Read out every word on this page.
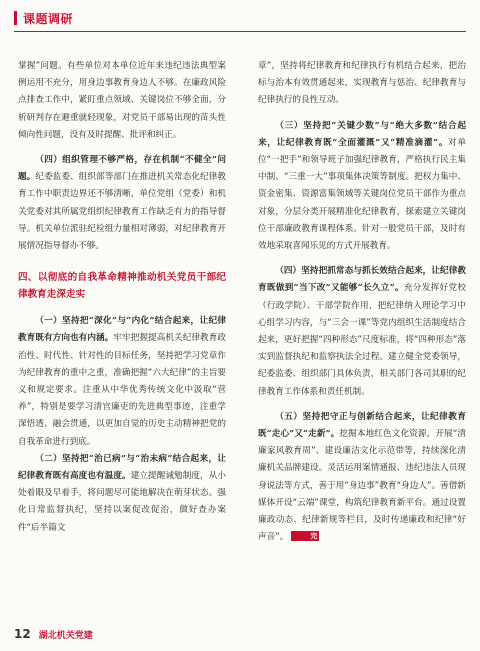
课题调研

掌握”问题。有些单位对本单位近年来违纪违法典型案例运用不充分，用身边事教育身边人不够。在廉政风险点排查工作中，紧盯重点领域、关键岗位不够全面，分析研判存在避重就轻现象，对党员干部易出现的苗头性倾向性问题，没有及时提醒、批评和纠正。

（四）组织管理不够严格，存在机制“不健全”问题。纪委监委、组织部等部门在推进机关常态化纪律教育工作中职责边界还不够清晰，单位党组（党委）和机关党委对其所属党组织纪律教育工作缺乏有力的指导督导。机关单位派驻纪检组力量相对薄弱，对纪律教育开展情况指导督办不够。

四、以彻底的自我革命精神推动机关党员干部纪律教育走深走实

（一）坚持把“深化”与“内化”结合起来，让纪律教育既有方向也有内涵。牢牢把握提高机关纪律教育政治性、时代性、针对性的目标任务，坚持把学习党章作为纪律教育的重中之重，准确把握“六大纪律”的主旨要义和规定要求。注重从中华优秀传统文化中汲取“营养”，特别是要学习清官廉吏的先进典型事迹，注重学深悟透、融会贯通，以更加自觉的历史主动精神把党的自我革命进行到底。

（二）坚持把“治已病”与“治未病”结合起来，让纪律教育既有高度也有温度。建立提醒诫勉制度，从小处着眼及早着手，将问题尽可能地解决在萌芽状态。强化日常监督执纪，坚持以案促改促治，做好查办案件“后半篇文

章”，坚持将纪律教育和纪律执行有机结合起来，把治标与治本有效贯通起来，实现教育与惩治、纪律教育与纪律执行的良性互动。

（三）坚持把“关键少数”与“绝大多数”结合起来，让纪律教育既“全面灌溉”又“精准滴灌”。对单位“一把手”和领导班子加强纪律教育，严格执行民主集中制、“三重一大”事项集体决策等制度。把权力集中、资金密集、资源富集领域等关键岗位党员干部作为重点对象，分层分类开展精准化纪律教育，探索建立关键岗位干部廉政教育课程体系。针对一般党员干部，及时有效地采取喜闻乐见的方式开展教育。

（四）坚持把抓常态与抓长效结合起来，让纪律教育既做到“当下改”又能够“长久立”。充分发挥好党校（行政学院）、干部学院作用，把纪律纳入理论学习中心组学习内容，与“三会一课”等党内组织生活制度结合起来，更好把握“四种形态”尺度标准，将“四种形态”落实到监督执纪和监察执法全过程。建立健全党委领导，纪委监委、组织部门具体负责，相关部门各司其职的纪律教育工作体系和责任机制。

（五）坚持把守正与创新结合起来，让纪律教育既“走心”又“走新”。挖掘本地红色文化资源，开展“清廉家风教育周”、建设廉洁文化示范带等，持续深化清廉机关品牌建设。灵活运用案情通报、违纪违法人员现身说法等方式，善于用“身边事”教育“身边人”。善借新媒体开设“云端”课堂，构筑纪律教育新平台。通过设置廉政动态、纪律新规等栏目，及时传递廉政和纪律“好声音”。	完

12 湖北机关党建
